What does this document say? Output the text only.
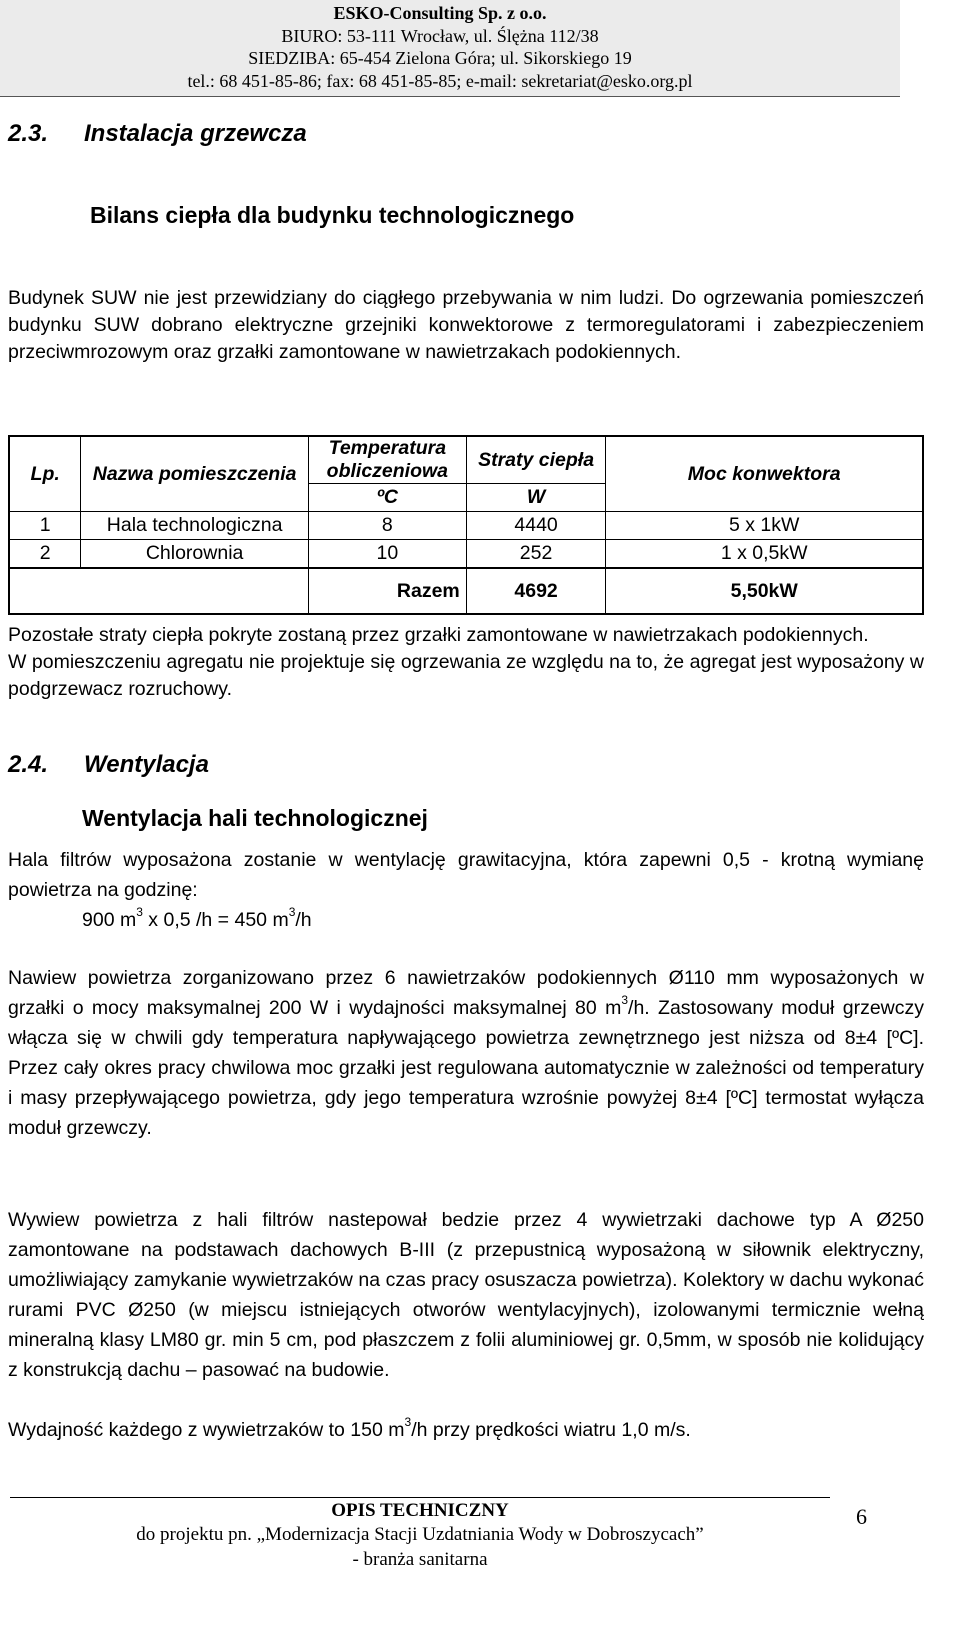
ESKO-Consulting Sp. z o.o.
BIURO: 53-111 Wrocław, ul. Ślężna 112/38
SIEDZIBA: 65-454 Zielona Góra; ul. Sikorskiego 19
tel.: 68 451-85-86; fax: 68 451-85-85; e-mail: sekretariat@esko.org.pl
2.3. Instalacja grzewcza
Bilans ciepła dla budynku technologicznego

Budynek SUW nie jest przewidziany do ciągłego przebywania w nim ludzi. Do ogrzewania pomieszczeń budynku SUW dobrano elektryczne grzejniki konwektorowe z termoregulatorami i zabezpieczeniem przeciwmrozowym oraz grzałki zamontowane w nawietrzakach podokiennych.

Lp.	Nazwa pomieszczenia	Temperatura obliczeniowa	Straty ciepła	Moc konwektora
		ºC	W	
1	Hala technologiczna	8	4440	5 x 1kW
2	Chlorownia	10	252	1 x 0,5kW
		Razem	4692	5,50kW

Pozostałe straty ciepła pokryte zostaną przez grzałki zamontowane w nawietrzakach podokiennych.

W pomieszczeniu agregatu nie projektuje się ogrzewania ze względu na to, że agregat jest wyposażony w podgrzewacz rozruchowy.

2.4. Wentylacja
Wentylacja hali technologicznej
Hala filtrów wyposażona zostanie w wentylację grawitacyjna, która zapewni 0,5 - krotną wymianę powietrza na godzinę:
900 $m^3$ x 0,5 /h = 450 $m^3/h$
Nawiew powietrza zorganizowano przez 6 nawietrzaków podokiennych Ø110 mm wyposażonych w grzałki o mocy maksymalnej 200 W i wydajności maksymalnej 80 $m^3/h$. Zastosowany moduł grzewczy włącza się w chwili gdy temperatura napływającego powietrza zewnętrznego jest niższa od 8±4 [ºC]. Przez cały okres pracy chwilowa moc grzałki jest regulowana automatycznie w zależności od temperatury i masy przepływającego powietrza, gdy jego temperatura wzrośnie powyżej 8±4 [ºC] termostat wyłącza moduł grzewczy.
Wywiew powietrza z hali filtrów nastepował bedzie przez 4 wywietrzaki dachowe typ A Ø250 zamontowane na podstawach dachowych B-III (z przepustnicą wyposażoną w siłownik elektryczny, umożliwiający zamykanie wywietrzaków na czas pracy osuszacza powietrza). Kolektory w dachu wykonać rurami PVC Ø250 (w miejscu istniejących otworów wentylacyjnych), izolowanymi termicznie wełną mineralną klasy LM80 gr. min 5 cm, pod płaszczem z folii aluminiowej gr. 0,5mm, w sposób nie kolidujący z konstrukcją dachu – pasować na budowie.
Wydajność każdego z wywietrzaków to 150 $m^3/h$ przy prędkości wiatru 1,0 m/s.
OPIS TECHNICZNY
do projektu pn. „Modernizacja Stacji Uzdatniania Wody w Dobroszycach”
- branża sanitarna
6
